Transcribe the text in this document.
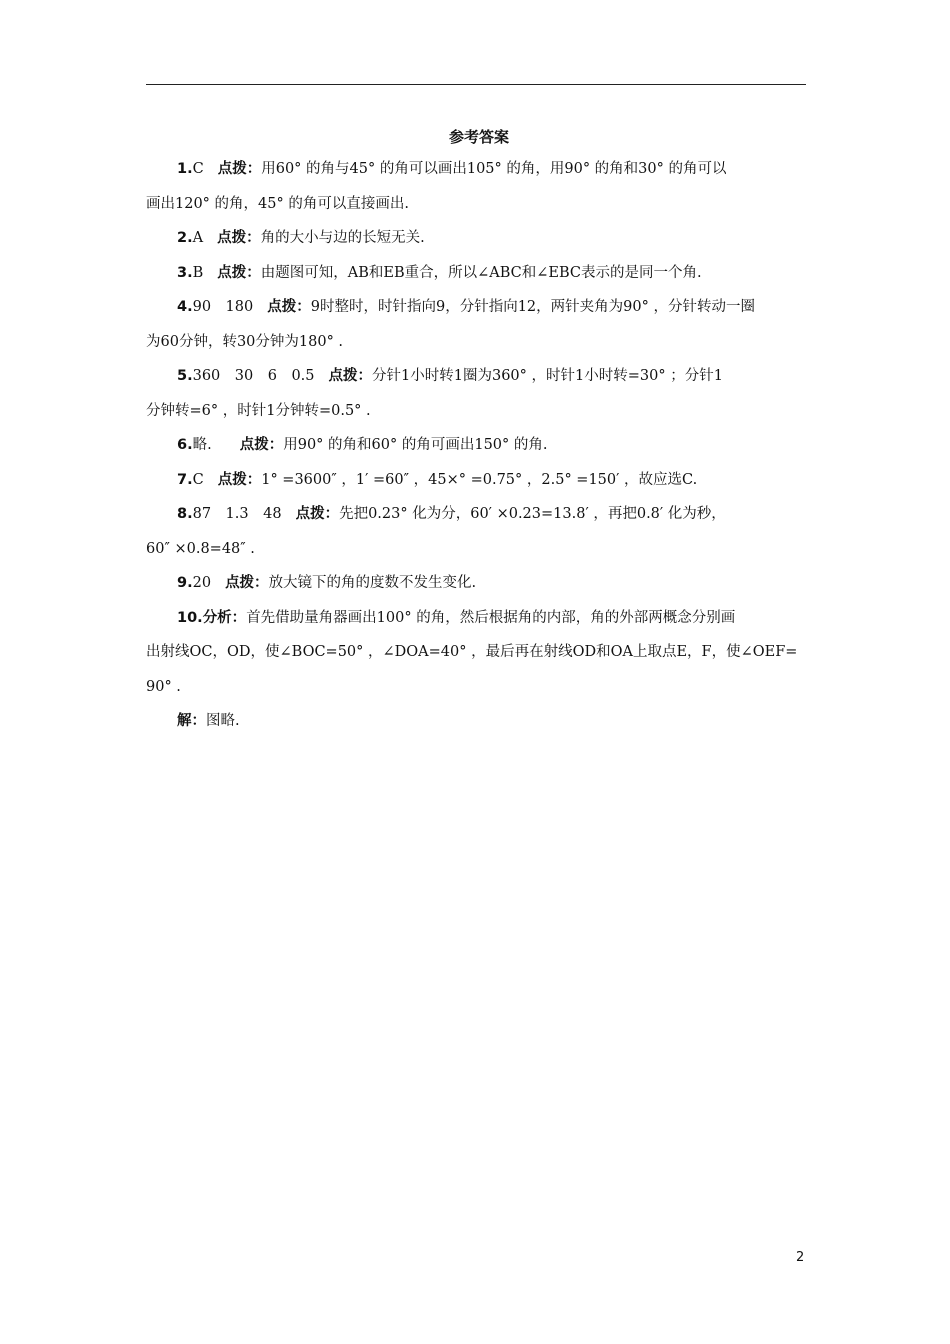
参考答案
1.C 点拨：用60° 的角与45° 的角可以画出105° 的角，用90° 的角和30° 的角可以
画出120° 的角，45° 的角可以直接画出.
2.A 点拨：角的大小与边的长短无关.
3.B 点拨：由题图可知，AB和EB重合，所以∠ABC和∠EBC表示的是同一个角.
4.90　180 点拨：9时整时，时针指向9，分针指向12，两针夹角为90° ，分针转动一圈
为60分钟，转30分钟为180° .
5.360　30　6　0.5 点拨：分针1小时转1圈为360° ，时针1小时转=30° ；分针1
分钟转=6° ，时针1分钟转=0.5° .
6.略. 点拨：用90° 的角和60° 的角可画出150° 的角.
7.C 点拨：1° =3600″ ，1′ =60″ ，45×° =0.75° ，2.5° =150′ ，故应选C.
8.87　1.3　48 点拨：先把0.23° 化为分，60′ ×0.23=13.8′ ，再把0.8′ 化为秒，
60″ ×0.8=48″ .
9.20 点拨：放大镜下的角的度数不发生变化.
10.分析：首先借助量角器画出100° 的角，然后根据角的内部，角的外部两概念分别画
出射线OC，OD，使∠BOC=50° ，∠DOA=40° ，最后再在射线OD和OA上取点E，F，使∠OEF=
90° .
解：图略.
2
